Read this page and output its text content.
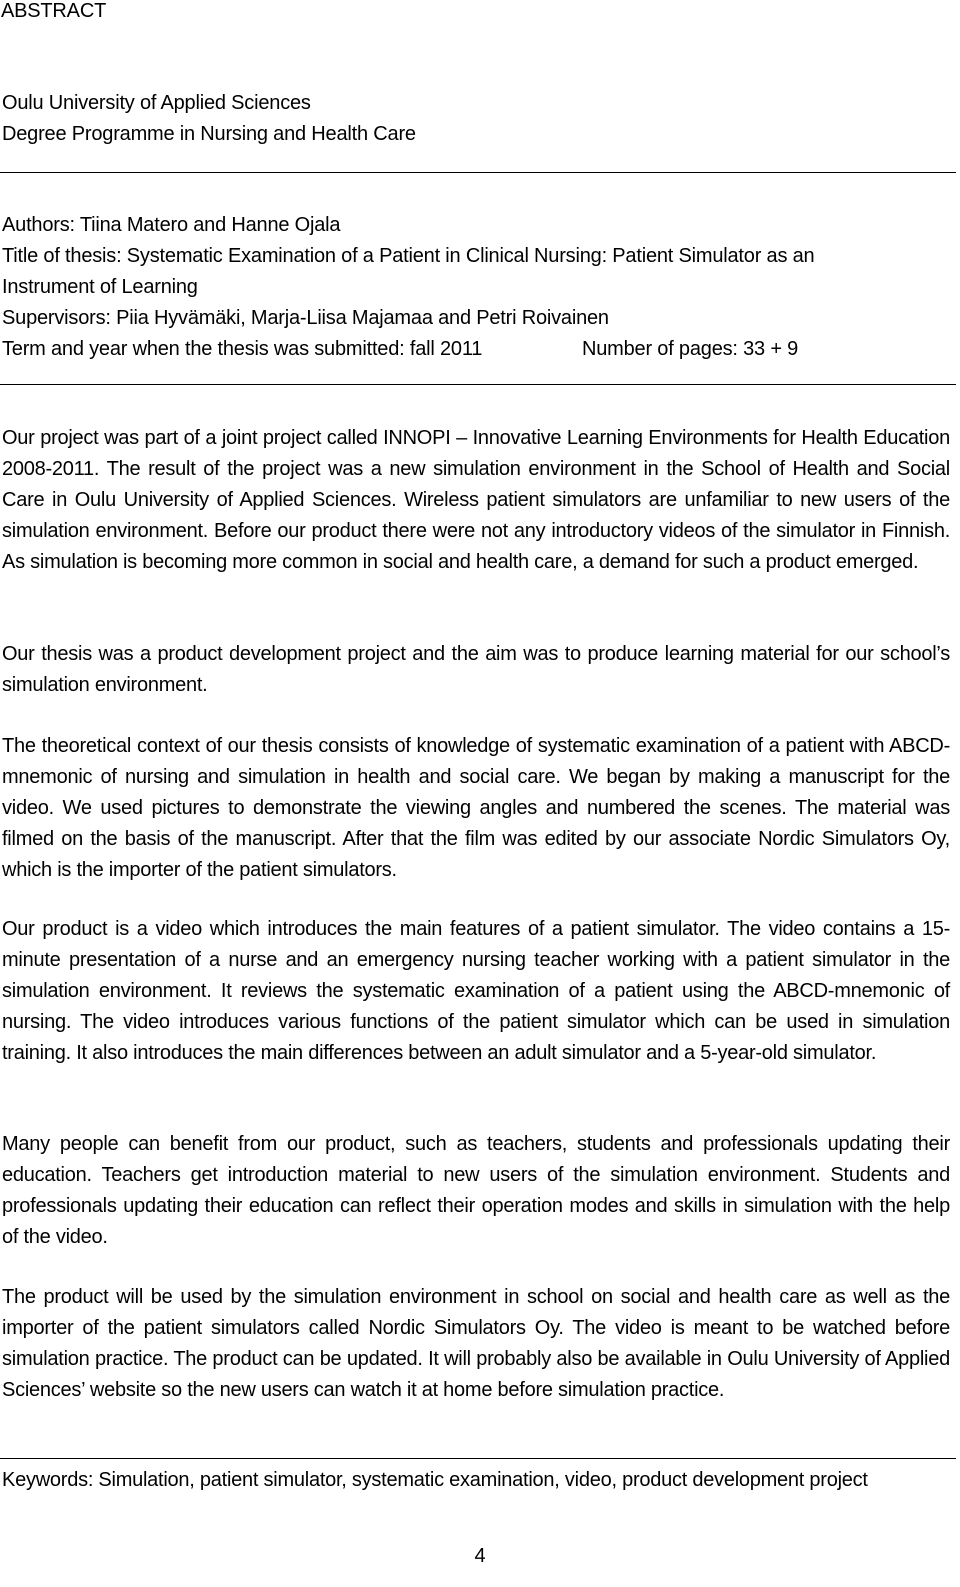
ABSTRACT
Oulu University of Applied Sciences
Degree Programme in Nursing and Health Care
Authors: Tiina Matero and Hanne Ojala
Title of thesis: Systematic Examination of a Patient in Clinical Nursing: Patient Simulator as an
Instrument of Learning
Supervisors: Piia Hyvämäki, Marja-Liisa Majamaa and Petri Roivainen
Term and year when the thesis was submitted: fall 2011	Number of pages: 33 + 9
Our project was part of a joint project called INNOPI – Innovative Learning Environments for Health Education 2008-2011. The result of the project was a new simulation environment in the School of Health and Social Care in Oulu University of Applied Sciences. Wireless patient simulators are unfamiliar to new users of the simulation environment. Before our product there were not any introductory videos of the simulator in Finnish. As simulation is becoming more common in social and health care, a demand for such a product emerged.
Our thesis was a product development project and the aim was to produce learning material for our school’s simulation environment.
The theoretical context of our thesis consists of knowledge of systematic examination of a patient with ABCD-mnemonic of nursing and simulation in health and social care. We began by making a manuscript for the video. We used pictures to demonstrate the viewing angles and numbered the scenes. The material was filmed on the basis of the manuscript. After that the film was edited by our associate Nordic Simulators Oy, which is the importer of the patient simulators.
Our product is a video which introduces the main features of a patient simulator. The video contains a 15-minute presentation of a nurse and an emergency nursing teacher working with a patient simulator in the simulation environment. It reviews the systematic examination of a patient using the ABCD-mnemonic of nursing. The video introduces various functions of the patient simulator which can be used in simulation training. It also introduces the main differences between an adult simulator and a 5-year-old simulator.
Many people can benefit from our product, such as teachers, students and professionals updating their education. Teachers get introduction material to new users of the simulation environment. Students and professionals updating their education can reflect their operation modes and skills in simulation with the help of the video.
The product will be used by the simulation environment in school on social and health care as well as the importer of the patient simulators called Nordic Simulators Oy. The video is meant to be watched before simulation practice. The product can be updated. It will probably also be available in Oulu University of Applied Sciences’ website so the new users can watch it at home before simulation practice.
Keywords: Simulation, patient simulator, systematic examination, video, product development project
4
